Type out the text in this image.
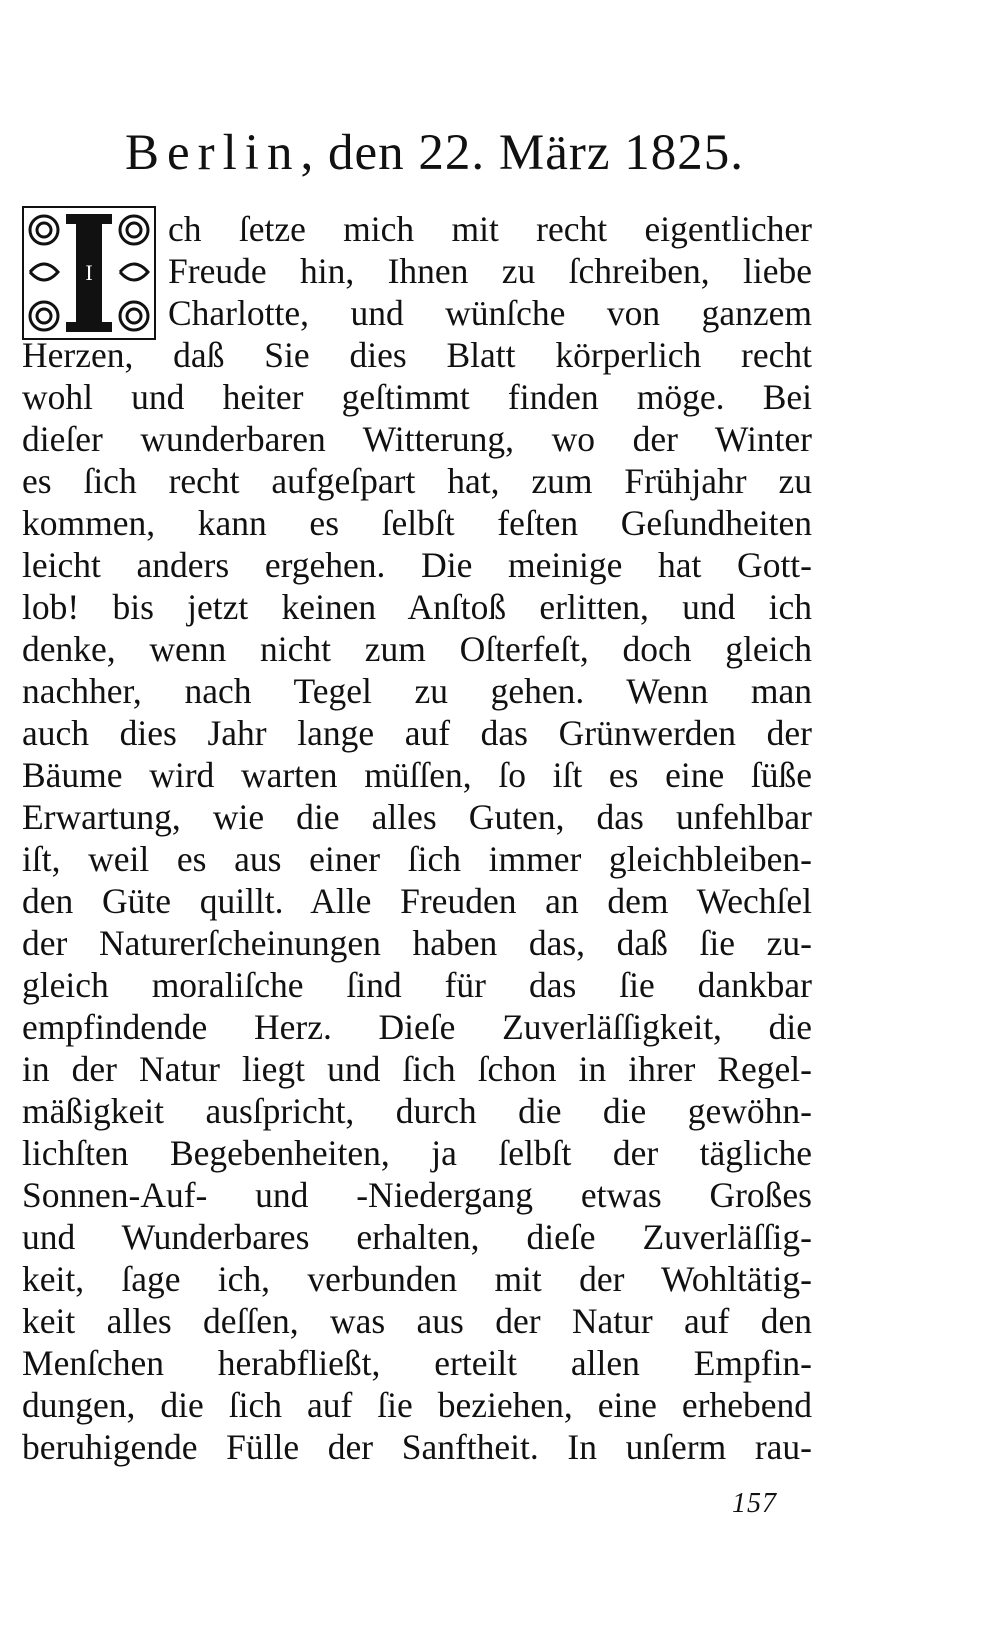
Berlin, den 22. März 1825.
I
ch ſetze mich mit recht eigentlicher
Freude hin, Ihnen zu ſchreiben, liebe
Charlotte, und wünſche von ganzem
Herzen, daß Sie dies Blatt körperlich recht
wohl und heiter geſtimmt finden möge. Bei
dieſer wunderbaren Witterung, wo der Winter
es ſich recht aufgeſpart hat, zum Frühjahr zu
kommen, kann es ſelbſt feſten Geſundheiten
leicht anders ergehen. Die meinige hat Gott-
lob! bis jetzt keinen Anſtoß erlitten, und ich
denke, wenn nicht zum Oſterfeſt, doch gleich
nachher, nach Tegel zu gehen. Wenn man
auch dies Jahr lange auf das Grünwerden der
Bäume wird warten müſſen, ſo iſt es eine ſüße
Erwartung, wie die alles Guten, das unfehlbar
iſt, weil es aus einer ſich immer gleichbleiben-
den Güte quillt. Alle Freuden an dem Wechſel
der Naturerſcheinungen haben das, daß ſie zu-
gleich moraliſche ſind für das ſie dankbar
empfindende Herz. Dieſe Zuverläſſigkeit, die
in der Natur liegt und ſich ſchon in ihrer Regel-
mäßigkeit ausſpricht, durch die die gewöhn-
lichſten Begebenheiten, ja ſelbſt der tägliche
Sonnen-Auf- und -Niedergang etwas Großes
und Wunderbares erhalten, dieſe Zuverläſſig-
keit, ſage ich, verbunden mit der Wohltätig-
keit alles deſſen, was aus der Natur auf den
Menſchen herabfließt, erteilt allen Empfin-
dungen, die ſich auf ſie beziehen, eine erhebend
beruhigende Fülle der Sanftheit. In unſerm rau-
157
